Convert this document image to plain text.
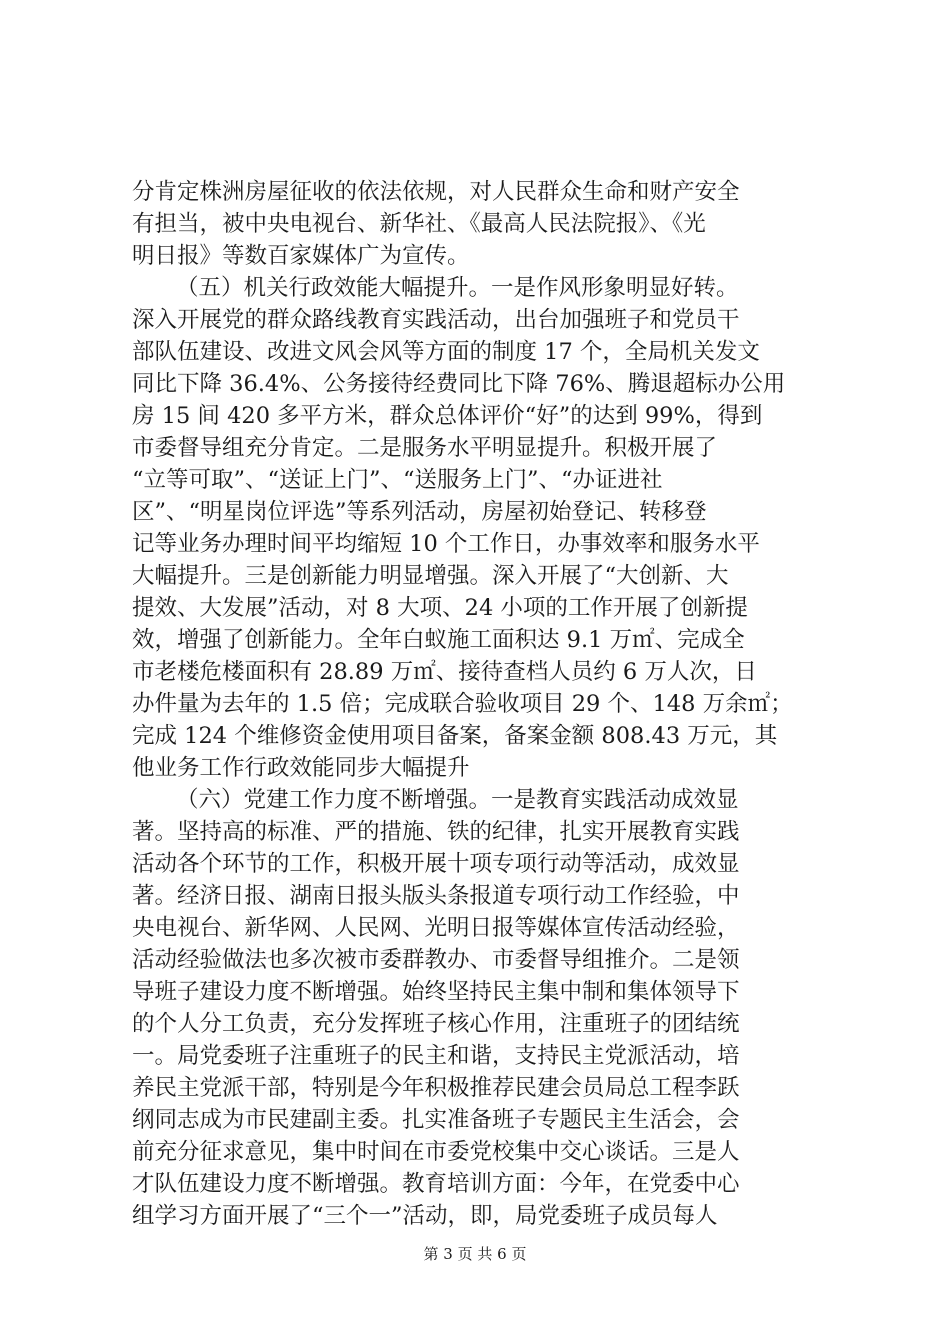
分肯定株洲房屋征收的依法依规，对人民群众生命和财产安全
有担当，被中央电视台、新华社、《最高人民法院报》、《光
明日报》等数百家媒体广为宣传。
（五）机关行政效能大幅提升。一是作风形象明显好转。
深入开展党的群众路线教育实践活动，出台加强班子和党员干
部队伍建设、改进文风会风等方面的制度 17 个，全局机关发文
同比下降 36.4%、公务接待经费同比下降 76%、腾退超标办公用
房 15 间 420 多平方米，群众总体评价“好”的达到 99%，得到
市委督导组充分肯定。二是服务水平明显提升。积极开展了
“立等可取”、“送证上门”、“送服务上门”、“办证进社
区”、“明星岗位评选”等系列活动，房屋初始登记、转移登
记等业务办理时间平均缩短 10 个工作日，办事效率和服务水平
大幅提升。三是创新能力明显增强。深入开展了“大创新、大
提效、大发展”活动，对 8 大项、24 小项的工作开展了创新提
效，增强了创新能力。全年白蚁施工面积达 9.1 万㎡、完成全
市老楼危楼面积有 28.89 万㎡、接待查档人员约 6 万人次，日
办件量为去年的 1.5 倍；完成联合验收项目 29 个、148 万余㎡；
完成 124 个维修资金使用项目备案，备案金额 808.43 万元，其
他业务工作行政效能同步大幅提升
（六）党建工作力度不断增强。一是教育实践活动成效显
著。坚持高的标准、严的措施、铁的纪律，扎实开展教育实践
活动各个环节的工作，积极开展十项专项行动等活动，成效显
著。经济日报、湖南日报头版头条报道专项行动工作经验，中
央电视台、新华网、人民网、光明日报等媒体宣传活动经验，
活动经验做法也多次被市委群教办、市委督导组推介。二是领
导班子建设力度不断增强。始终坚持民主集中制和集体领导下
的个人分工负责，充分发挥班子核心作用，注重班子的团结统
一。局党委班子注重班子的民主和谐，支持民主党派活动，培
养民主党派干部，特别是今年积极推荐民建会员局总工程李跃
纲同志成为市民建副主委。扎实准备班子专题民主生活会，会
前充分征求意见，集中时间在市委党校集中交心谈话。三是人
才队伍建设力度不断增强。教育培训方面：今年，在党委中心
组学习方面开展了“三个一”活动，即，局党委班子成员每人
第 3 页 共 6 页
